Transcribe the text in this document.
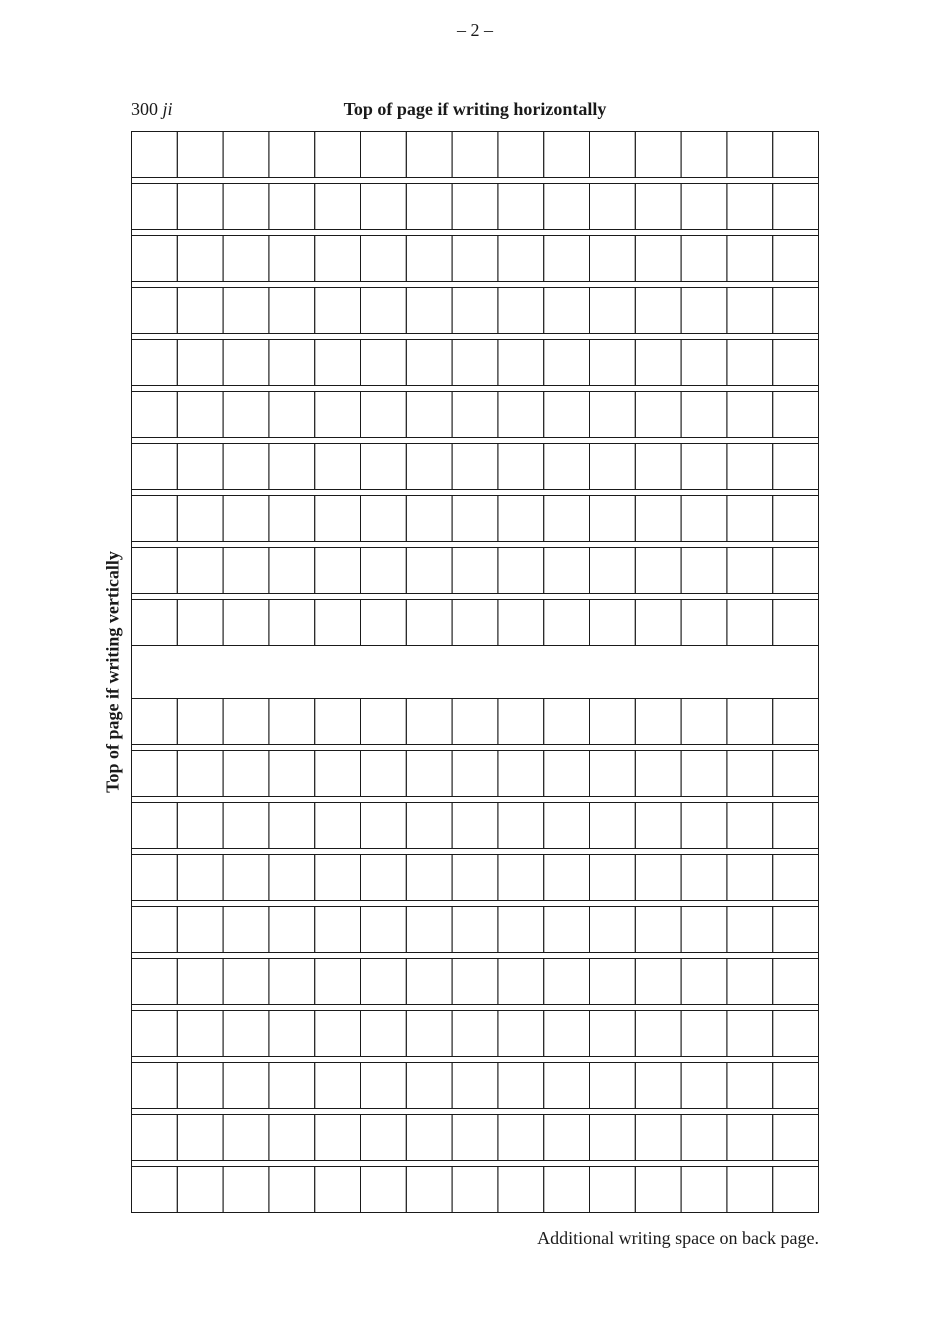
– 2 –
300 ji	Top of page if writing horizontally
Top of page if writing vertically
Additional writing space on back page.
